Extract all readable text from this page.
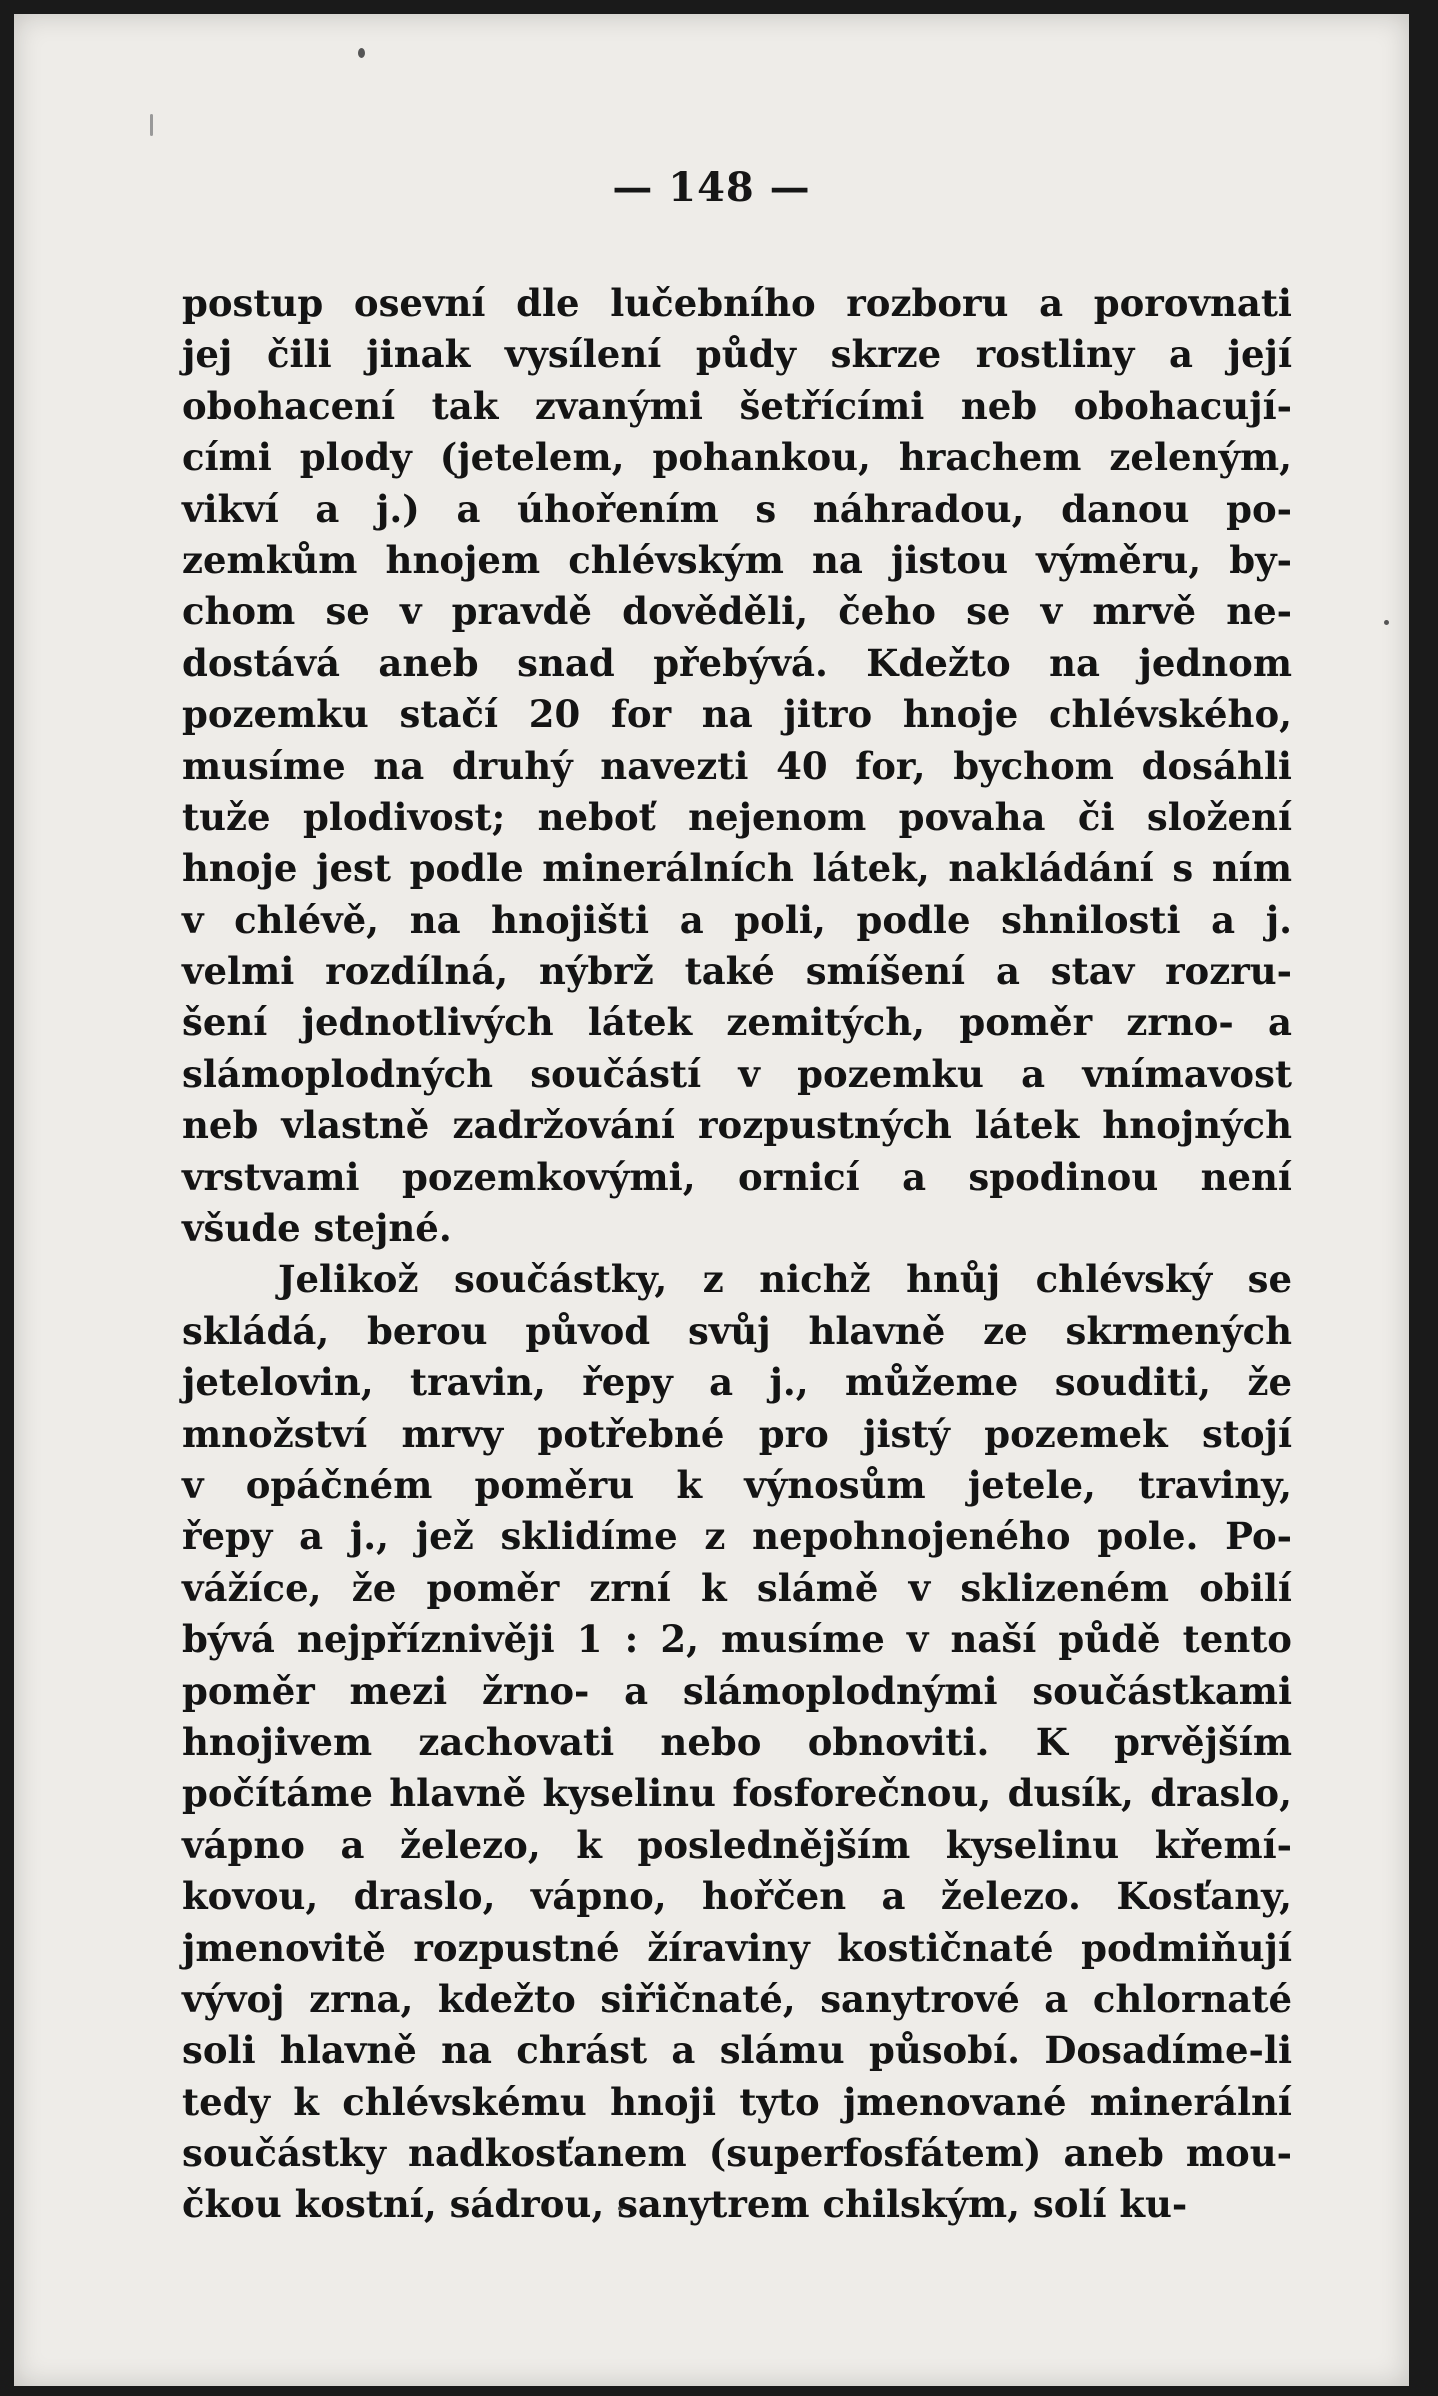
— 148 —
postup osevní dle lučebního rozboru a porovnati
jej čili jinak vysílení půdy skrze rostliny a její
obohacení tak zvanými šetřícími neb obohacují-
cími plody (jetelem, pohankou, hrachem zeleným,
vikví a j.) a úhořením s náhradou, danou po-
zemkům hnojem chlévským na jistou výměru, by-
chom se v pravdě dověděli, čeho se v mrvě ne-
dostává aneb snad přebývá. Kdežto na jednom
pozemku stačí 20 for na jitro hnoje chlévského,
musíme na druhý navezti 40 for, bychom dosáhli
tuže plodivost; neboť nejenom povaha či složení
hnoje jest podle minerálních látek, nakládání s ním
v chlévě, na hnojišti a poli, podle shnilosti a j.
velmi rozdílná, nýbrž také smíšení a stav rozru-
šení jednotlivých látek zemitých, poměr zrno- a
slámoplodných součástí v pozemku a vnímavost
neb vlastně zadržování rozpustných látek hnojných
vrstvami pozemkovými, ornicí a spodinou není
všude stejné.
Jelikož součástky, z nichž hnůj chlévský se
skládá, berou původ svůj hlavně ze skrmených
jetelovin, travin, řepy a j., můžeme souditi, že
množství mrvy potřebné pro jistý pozemek stojí
v opáčném poměru k výnosům jetele, traviny,
řepy a j., jež sklidíme z nepohnojeného pole. Po-
vážíce, že poměr zrní k slámě v sklizeném obilí
bývá nejpříznivěji 1 : 2, musíme v naší půdě tento
poměr mezi žrno- a slámoplodnými součástkami
hnojivem zachovati nebo obnoviti. K prvějším
počítáme hlavně kyselinu fosforečnou, dusík, draslo,
vápno a železo, k poslednějším kyselinu křemí-
kovou, draslo, vápno, hořčen a železo. Kosťany,
jmenovitě rozpustné žíraviny kostičnaté podmiňují
vývoj zrna, kdežto siřičnaté, sanytrové a chlornaté
soli hlavně na chrást a slámu působí. Dosadíme-li
tedy k chlévskému hnoji tyto jmenované minerální
součástky nadkosťanem (superfosfátem) aneb mou-
čkou kostní, sádrou, sanytrem chilským, solí ku-
